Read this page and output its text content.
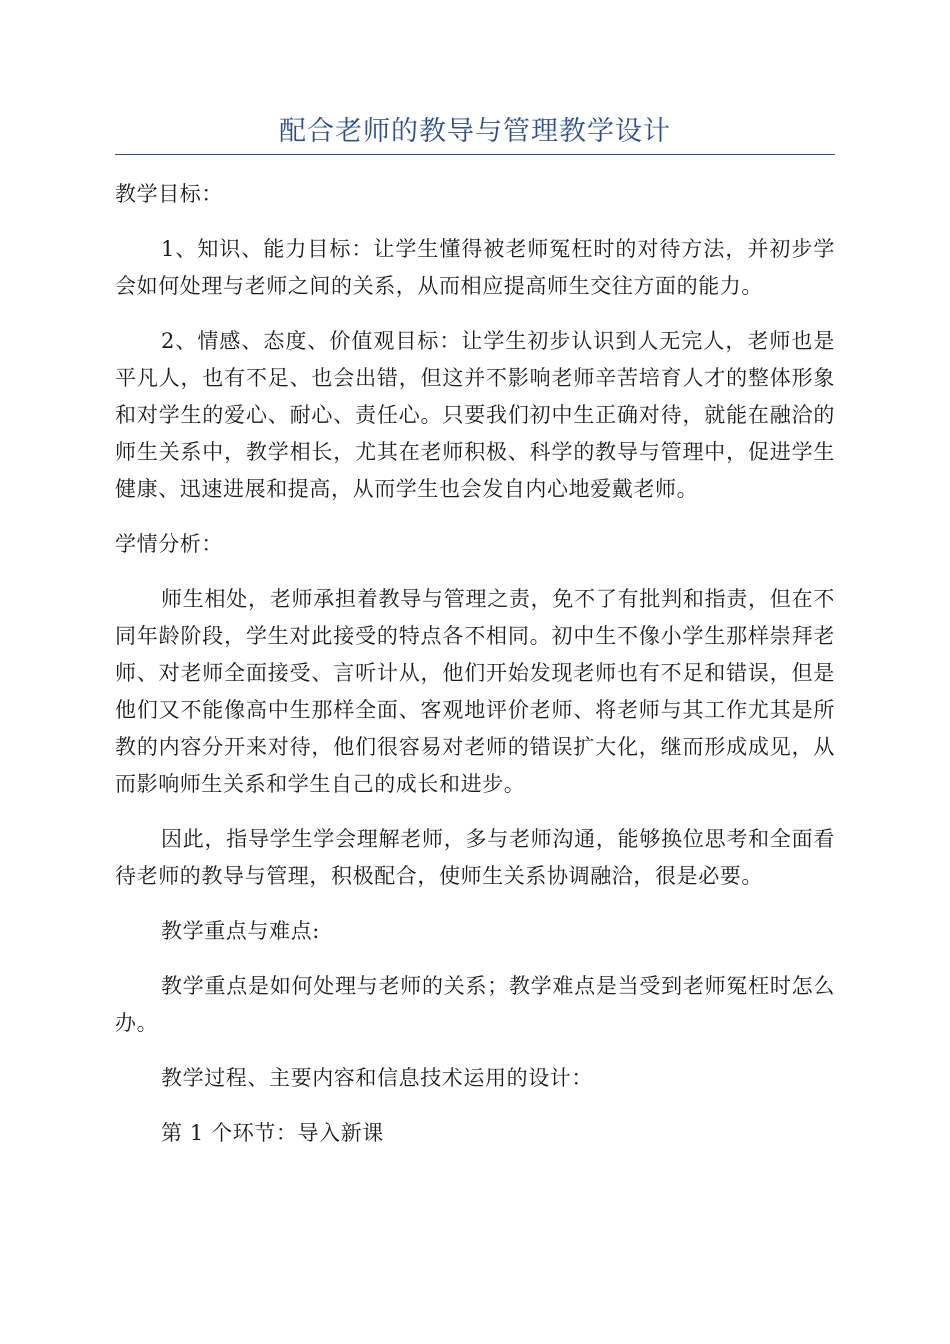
配合老师的教导与管理教学设计

教学目标：

1、知识、能力目标：让学生懂得被老师冤枉时的对待方法，并初步学会如何处理与老师之间的关系，从而相应提高师生交往方面的能力。

2、情感、态度、价值观目标：让学生初步认识到人无完人，老师也是平凡人，也有不足、也会出错，但这并不影响老师辛苦培育人才的整体形象和对学生的爱心、耐心、责任心。只要我们初中生正确对待，就能在融洽的师生关系中，教学相长，尤其在老师积极、科学的教导与管理中，促进学生健康、迅速进展和提高，从而学生也会发自内心地爱戴老师。

学情分析：

师生相处，老师承担着教导与管理之责，免不了有批判和指责，但在不同年龄阶段，学生对此接受的特点各不相同。初中生不像小学生那样崇拜老师、对老师全面接受、言听计从，他们开始发现老师也有不足和错误，但是他们又不能像高中生那样全面、客观地评价老师、将老师与其工作尤其是所教的内容分开来对待，他们很容易对老师的错误扩大化，继而形成成见，从而影响师生关系和学生自己的成长和进步。

因此，指导学生学会理解老师，多与老师沟通，能够换位思考和全面看待老师的教导与管理，积极配合，使师生关系协调融洽，很是必要。

教学重点与难点:

教学重点是如何处理与老师的关系；教学难点是当受到老师冤枉时怎么办。

教学过程、主要内容和信息技术运用的设计：

第 1 个环节：导入新课
